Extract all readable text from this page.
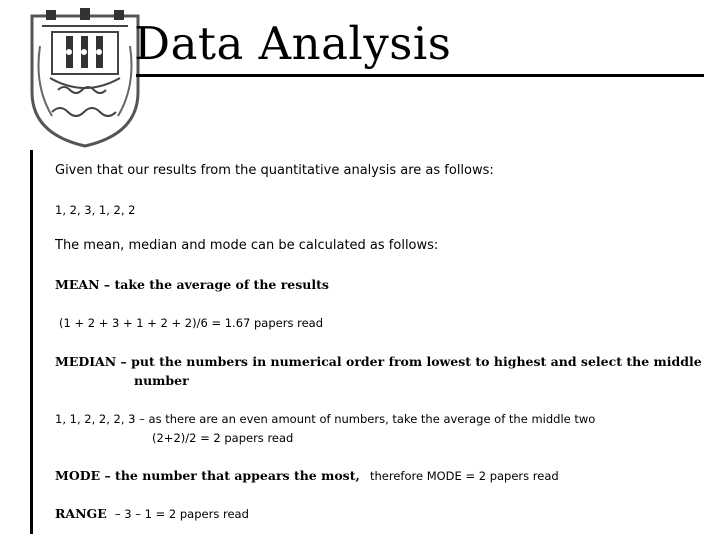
Data Analysis
Given that our results from the quantitative analysis are as follows:
1, 2, 3, 1, 2, 2
The mean, median and mode can be calculated as follows:
MEAN – take the average of the results
(1 + 2 + 3 + 1 + 2 + 2)/6 = 1.67 papers read
MEDIAN – put the numbers in numerical order from lowest to highest and select the middle
number
1, 1, 2, 2, 2, 3 – as there are an even amount of numbers, take the average of the middle two
(2+2)/2 = 2 papers read
MODE – the number that appears the most, therefore MODE = 2 papers read
RANGE – 3 – 1 = 2 papers read
